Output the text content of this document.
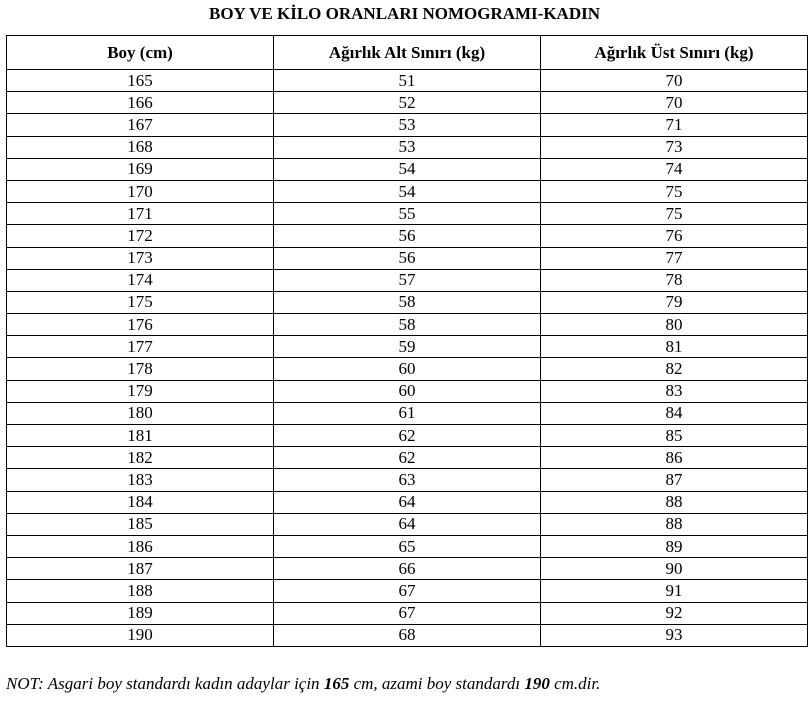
BOY VE KİLO ORANLARI NOMOGRAMI-KADIN
Boy (cm)	Ağırlık Alt Sınırı (kg)	Ağırlık Üst Sınırı (kg)
165	51	70
166	52	70
167	53	71
168	53	73
169	54	74
170	54	75
171	55	75
172	56	76
173	56	77
174	57	78
175	58	79
176	58	80
177	59	81
178	60	82
179	60	83
180	61	84
181	62	85
182	62	86
183	63	87
184	64	88
185	64	88
186	65	89
187	66	90
188	67	91
189	67	92
190	68	93
NOT: Asgari boy standardı kadın adaylar için 165 cm, azami boy standardı 190 cm.dir.
